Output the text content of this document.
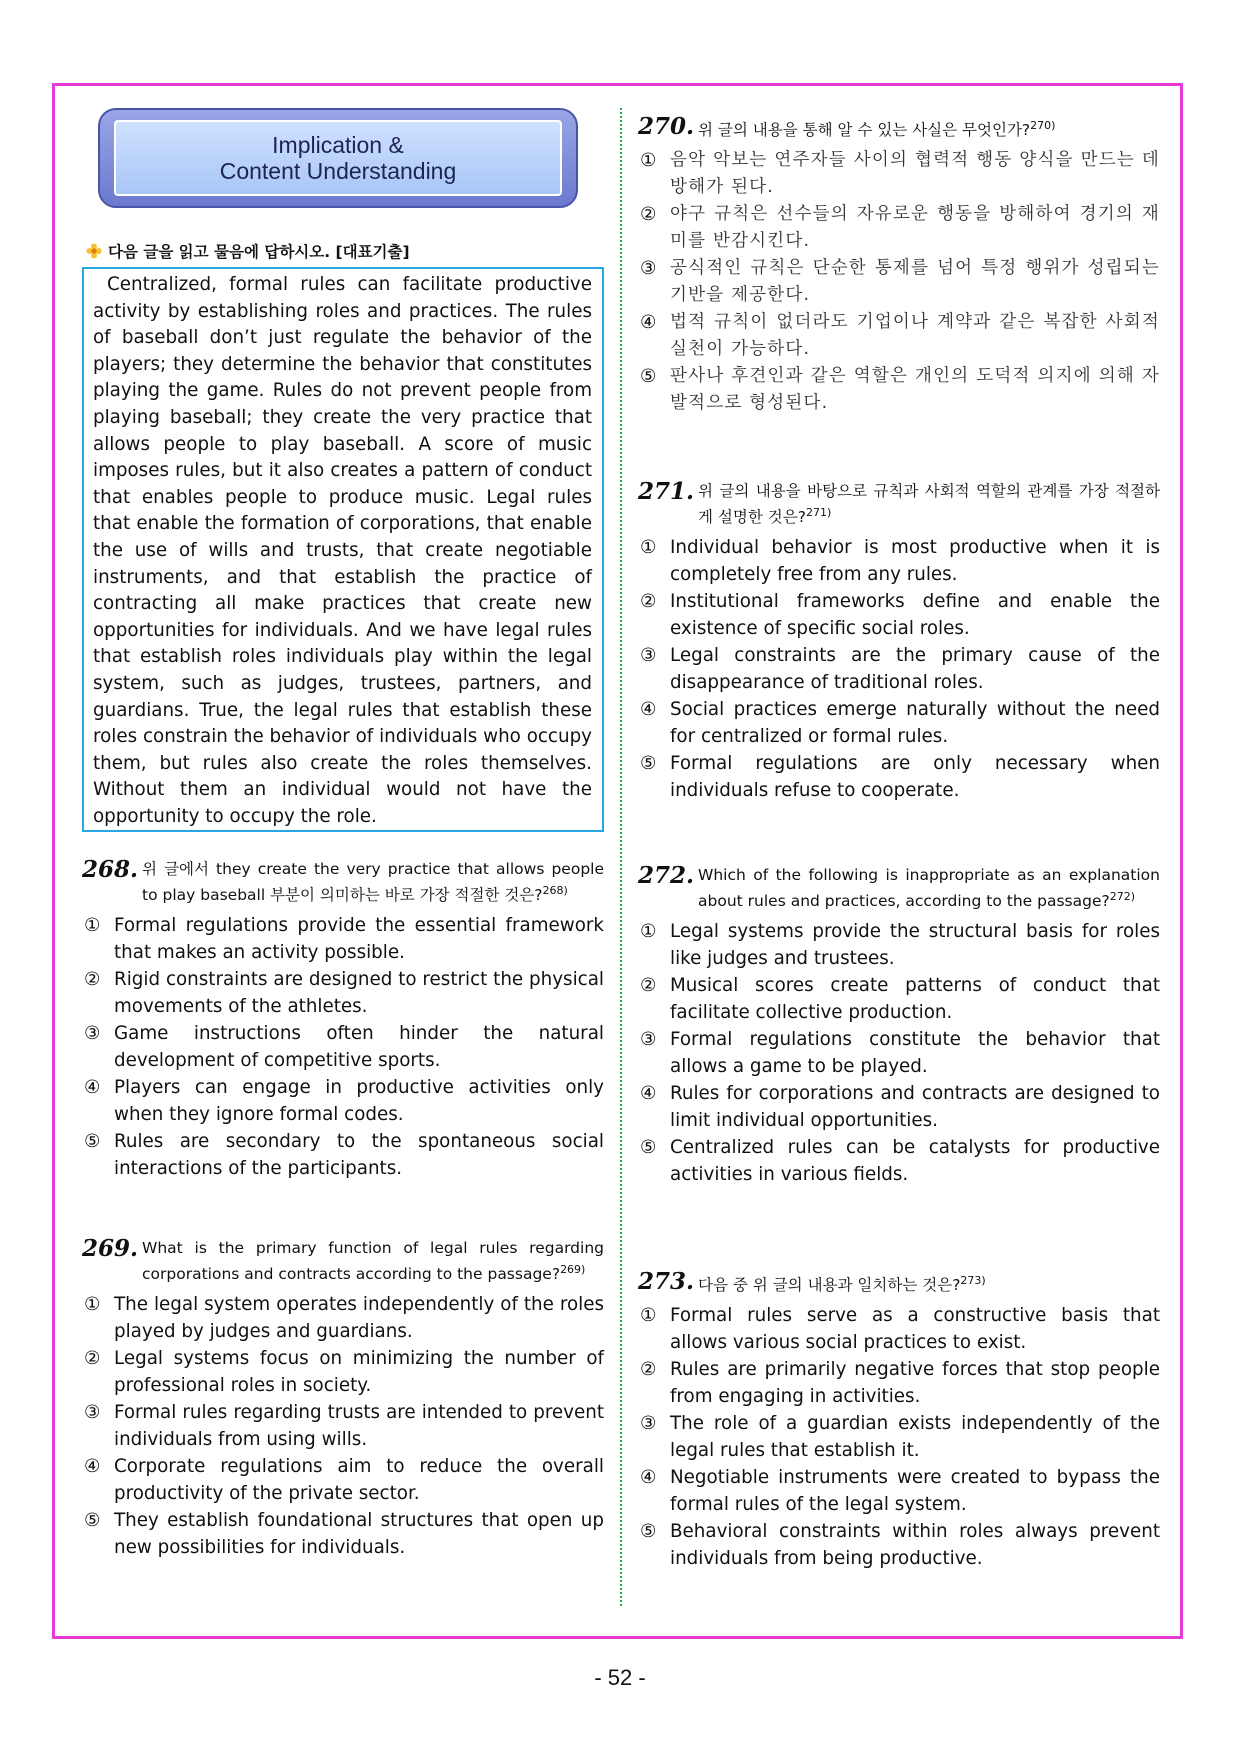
Implication &
Content Understanding
다음 글을 읽고 물음에 답하시오. [대표기출]
Centralized, formal rules can facilitate productive activity by establishing roles and practices. The rules of baseball don’t just regulate the behavior of the players; they determine the behavior that constitutes playing the game. Rules do not prevent people from playing baseball; they create the very practice that allows people to play baseball. A score of music imposes rules, but it also creates a pattern of conduct that enables people to produce music. Legal rules that enable the formation of corporations, that enable the use of wills and trusts, that create negotiable instruments, and that establish the practice of contracting all make practices that create new opportunities for individuals. And we have legal rules that establish roles individuals play within the legal system, such as judges, trustees, partners, and guardians. True, the legal rules that establish these roles constrain the behavior of individuals who occupy them, but rules also create the roles themselves. Without them an individual would not have the opportunity to occupy the role.
268. 위 글에서 they create the very practice that allows people to play baseball 부분이 의미하는 바로 가장 적절한 것은?$^{268)}$
① Formal regulations provide the essential framework that makes an activity possible.
② Rigid constraints are designed to restrict the physical movements of the athletes.
③ Game instructions often hinder the natural development of competitive sports.
④ Players can engage in productive activities only when they ignore formal codes.
⑤ Rules are secondary to the spontaneous social interactions of the participants.
269. What is the primary function of legal rules regarding corporations and contracts according to the passage?$^{269)}$
① The legal system operates independently of the roles played by judges and guardians.
② Legal systems focus on minimizing the number of professional roles in society.
③ Formal rules regarding trusts are intended to prevent individuals from using wills.
④ Corporate regulations aim to reduce the overall productivity of the private sector.
⑤ They establish foundational structures that open up new possibilities for individuals.
270. 위 글의 내용을 통해 알 수 있는 사실은 무엇인가?$^{270)}$
① 음악 악보는 연주자들 사이의 협력적 행동 양식을 만드는 데 방해가 된다.
② 야구 규칙은 선수들의 자유로운 행동을 방해하여 경기의 재미를 반감시킨다.
③ 공식적인 규칙은 단순한 통제를 넘어 특정 행위가 성립되는 기반을 제공한다.
④ 법적 규칙이 없더라도 기업이나 계약과 같은 복잡한 사회적 실천이 가능하다.
⑤ 판사나 후견인과 같은 역할은 개인의 도덕적 의지에 의해 자발적으로 형성된다.
271. 위 글의 내용을 바탕으로 규칙과 사회적 역할의 관계를 가장 적절하게 설명한 것은?$^{271)}$
① Individual behavior is most productive when it is completely free from any rules.
② Institutional frameworks define and enable the existence of specific social roles.
③ Legal constraints are the primary cause of the disappearance of traditional roles.
④ Social practices emerge naturally without the need for centralized or formal rules.
⑤ Formal regulations are only necessary when individuals refuse to cooperate.
272. Which of the following is inappropriate as an explanation about rules and practices, according to the passage?$^{272)}$
① Legal systems provide the structural basis for roles like judges and trustees.
② Musical scores create patterns of conduct that facilitate collective production.
③ Formal regulations constitute the behavior that allows a game to be played.
④ Rules for corporations and contracts are designed to limit individual opportunities.
⑤ Centralized rules can be catalysts for productive activities in various fields.
273. 다음 중 위 글의 내용과 일치하는 것은?$^{273)}$
① Formal rules serve as a constructive basis that allows various social practices to exist.
② Rules are primarily negative forces that stop people from engaging in activities.
③ The role of a guardian exists independently of the legal rules that establish it.
④ Negotiable instruments were created to bypass the formal rules of the legal system.
⑤ Behavioral constraints within roles always prevent individuals from being productive.
- 52 -
